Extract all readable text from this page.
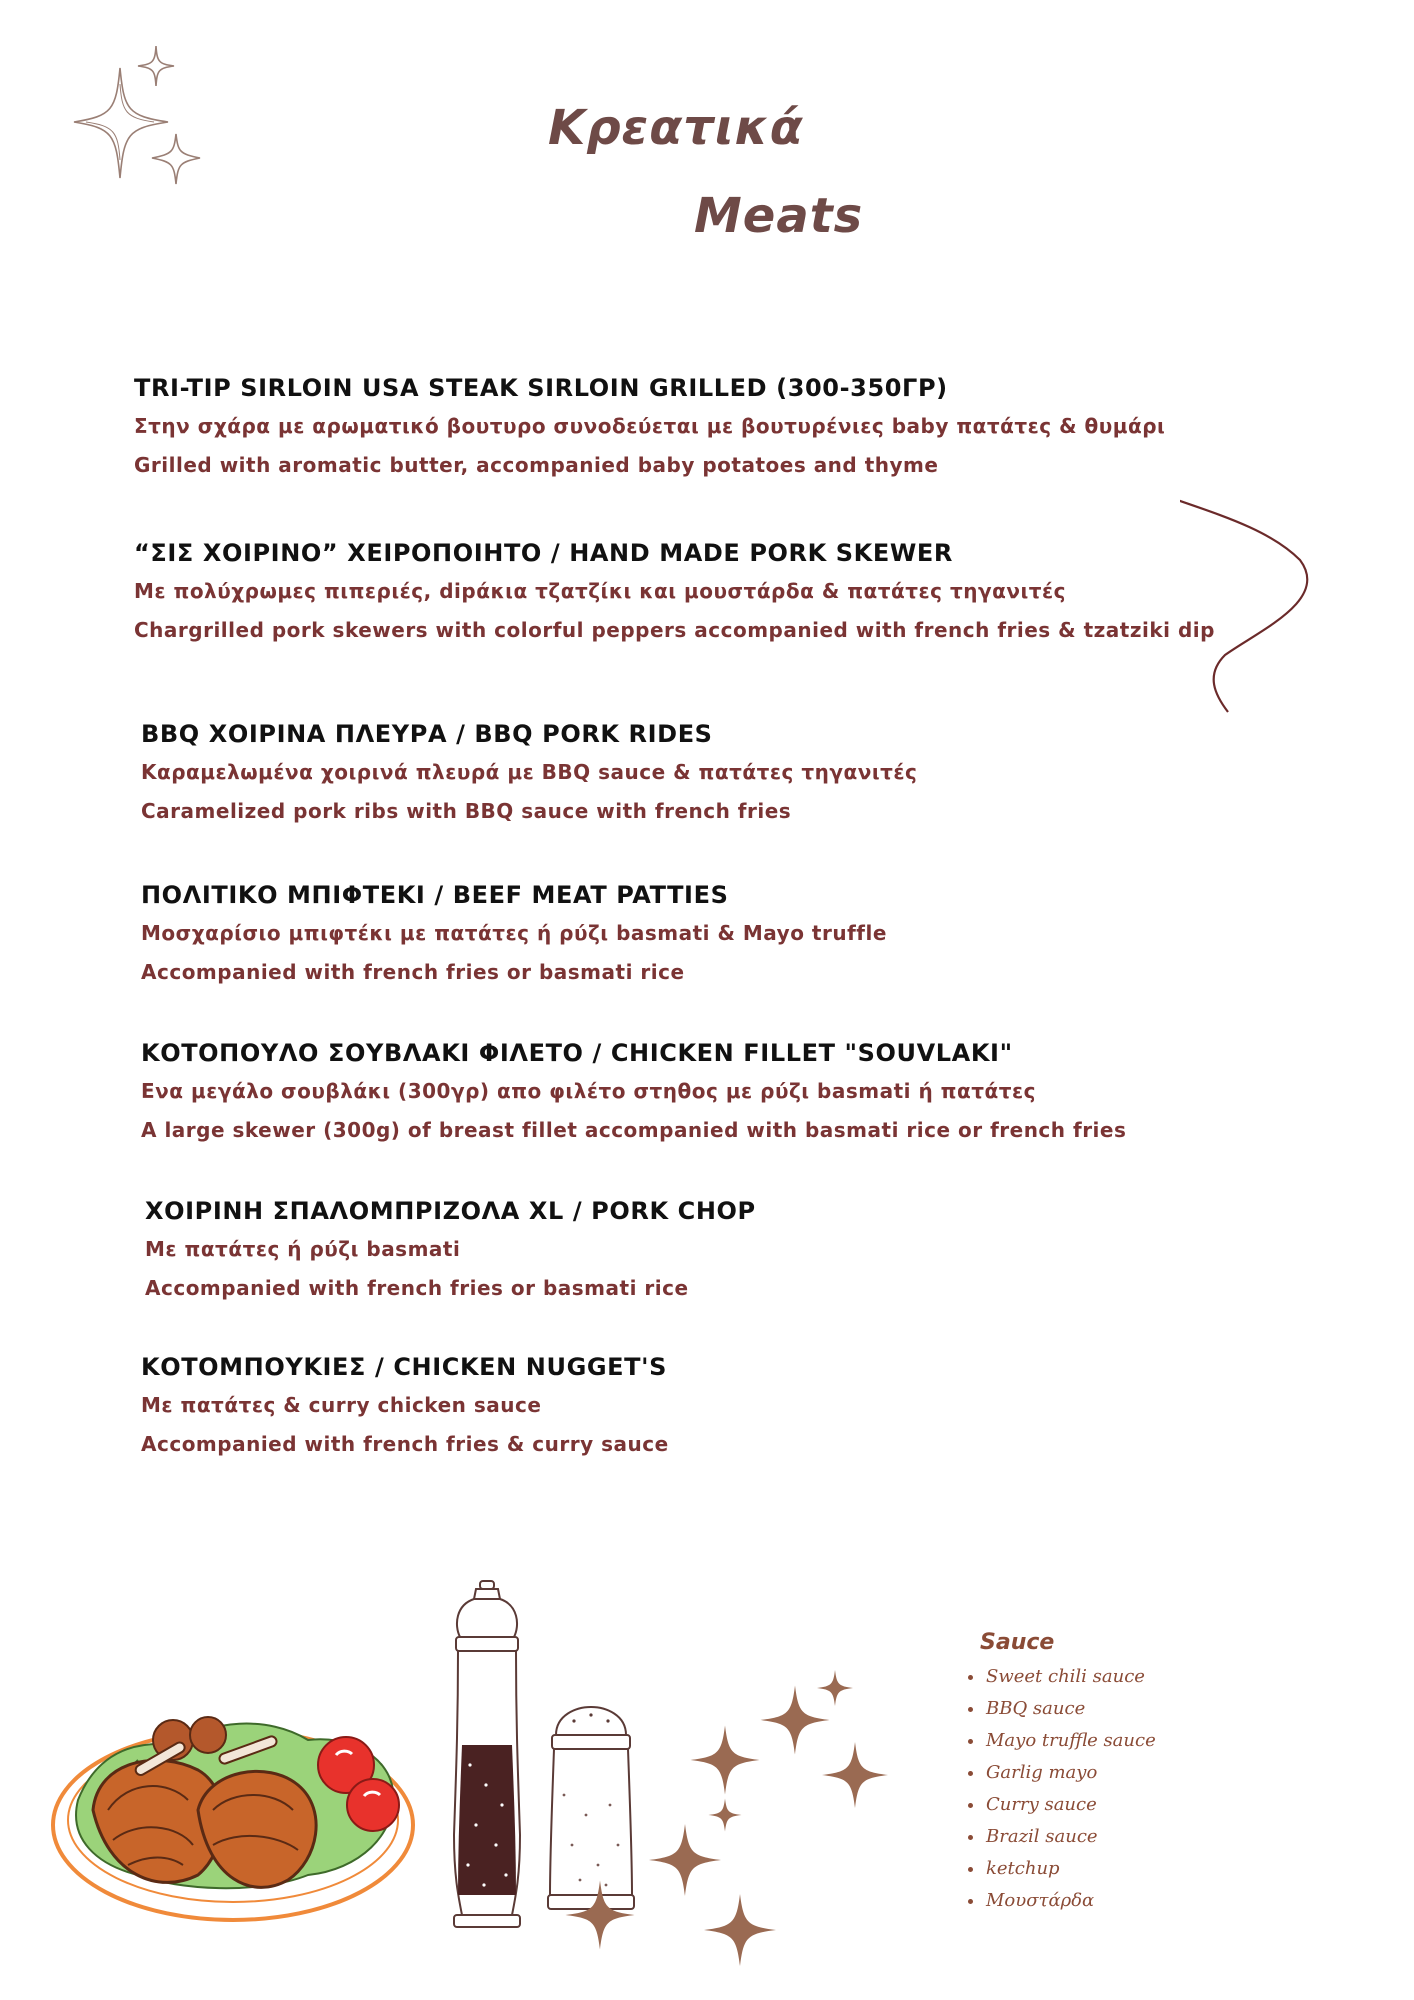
Κρεατικά
Meats

TRI-TIP SIRLOIN USA STEAK SIRLOIN GRILLED (300-350ΓΡ)

Στην σχάρα με αρωματικό βουτυρο συνοδεύεται με βουτυρένιες baby πατάτες & θυμάρι

Grilled with aromatic butter, accompanied baby potatoes and thyme

“ΣΙΣ ΧΟΙΡΙΝΟ” ΧΕΙΡΟΠΟΙΗΤΟ / HAND MADE PORK SKEWER

Με πολύχρωμες πιπεριές, dipάκια τζατζίκι και μουστάρδα & πατάτες τηγανιτές

Chargrilled pork skewers with colorful peppers accompanied with french fries & tzatziki dip

BBQ ΧΟΙΡΙΝΑ ΠΛΕΥΡΑ / BBQ PORK RIDES

Καραμελωμένα χοιρινά πλευρά με BBQ sauce & πατάτες τηγανιτές

Caramelized pork ribs with BBQ sauce with french fries

ΠΟΛΙΤΙΚΟ ΜΠΙΦΤΕΚΙ / BEEF MEAT PATTIES

Μοσχαρίσιο μπιφτέκι με πατάτες ή ρύζι basmati & Mayo truffle

Accompanied with french fries or basmati rice

ΚΟΤΟΠΟΥΛΟ ΣΟΥΒΛΑΚΙ ΦΙΛΕΤΟ / CHICKEN FILLET "SOUVLAKI"

Ενα μεγάλο σουβλάκι (300γρ) απο φιλέτο στηθος με ρύζι basmati ή πατάτες

A large skewer (300g) of breast fillet accompanied with basmati rice or french fries

ΧΟΙΡΙΝΗ ΣΠΑΛΟΜΠΡΙΖΟΛΑ XL / PORK CHOP

Με πατάτες ή ρύζι basmati

Accompanied with french fries or basmati rice

ΚΟΤΟΜΠΟΥΚΙΕΣ / CHICKEN NUGGET'S

Με πατάτες & curry chicken sauce

Accompanied with french fries & curry sauce

Sauce
Sweet chili sauce
BBQ sauce
Mayo truffle sauce
Garlig mayo
Curry sauce
Brazil sauce
ketchup
Μουστάρδα
